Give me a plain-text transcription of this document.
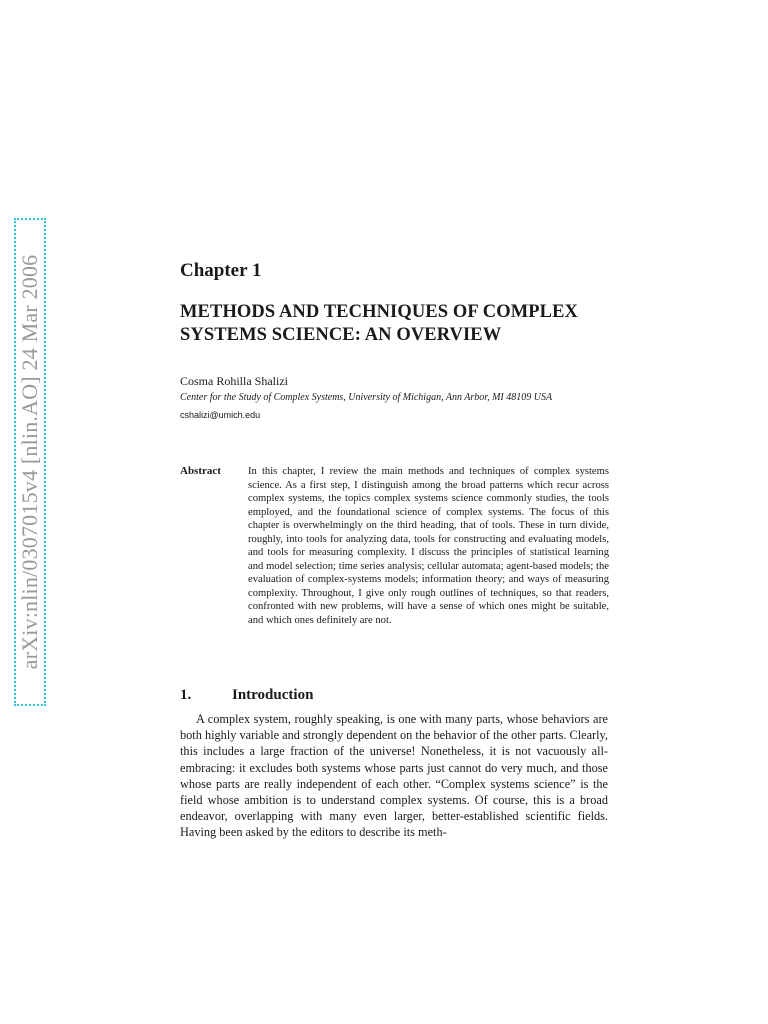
arXiv:nlin/0307015v4 [nlin.AO] 24 Mar 2006	Chapter 1
METHODS AND TECHNIQUES OF COMPLEX SYSTEMS SCIENCE: AN OVERVIEW
Cosma Rohilla Shalizi
Center for the Study of Complex Systems, University of Michigan, Ann Arbor, MI 48109 USA
cshalizi@umich.edu
Abstract	In this chapter, I review the main methods and techniques of complex systems science. As a first step, I distinguish among the broad patterns which recur across complex systems, the topics complex systems science commonly studies, the tools employed, and the foundational science of complex systems. The focus of this chapter is overwhelmingly on the third heading, that of tools. These in turn divide, roughly, into tools for analyzing data, tools for constructing and evaluating models, and tools for measuring complexity. I discuss the principles of statistical learning and model selection; time series analysis; cellular automata; agent-based models; the evaluation of complex-systems models; information theory; and ways of measuring complexity. Throughout, I give only rough outlines of techniques, so that readers, confronted with new problems, will have a sense of which ones might be suitable, and which ones definitely are not.

1.	Introduction

A complex system, roughly speaking, is one with many parts, whose behaviors are both highly variable and strongly dependent on the behavior of the other parts. Clearly, this includes a large fraction of the universe! Nonetheless, it is not vacuously all-embracing: it excludes both systems whose parts just cannot do very much, and those whose parts are really independent of each other. “Complex systems science” is the field whose ambition is to understand complex systems. Of course, this is a broad endeavor, overlapping with many even larger, better-established scientific fields. Having been asked by the editors to describe its meth-
